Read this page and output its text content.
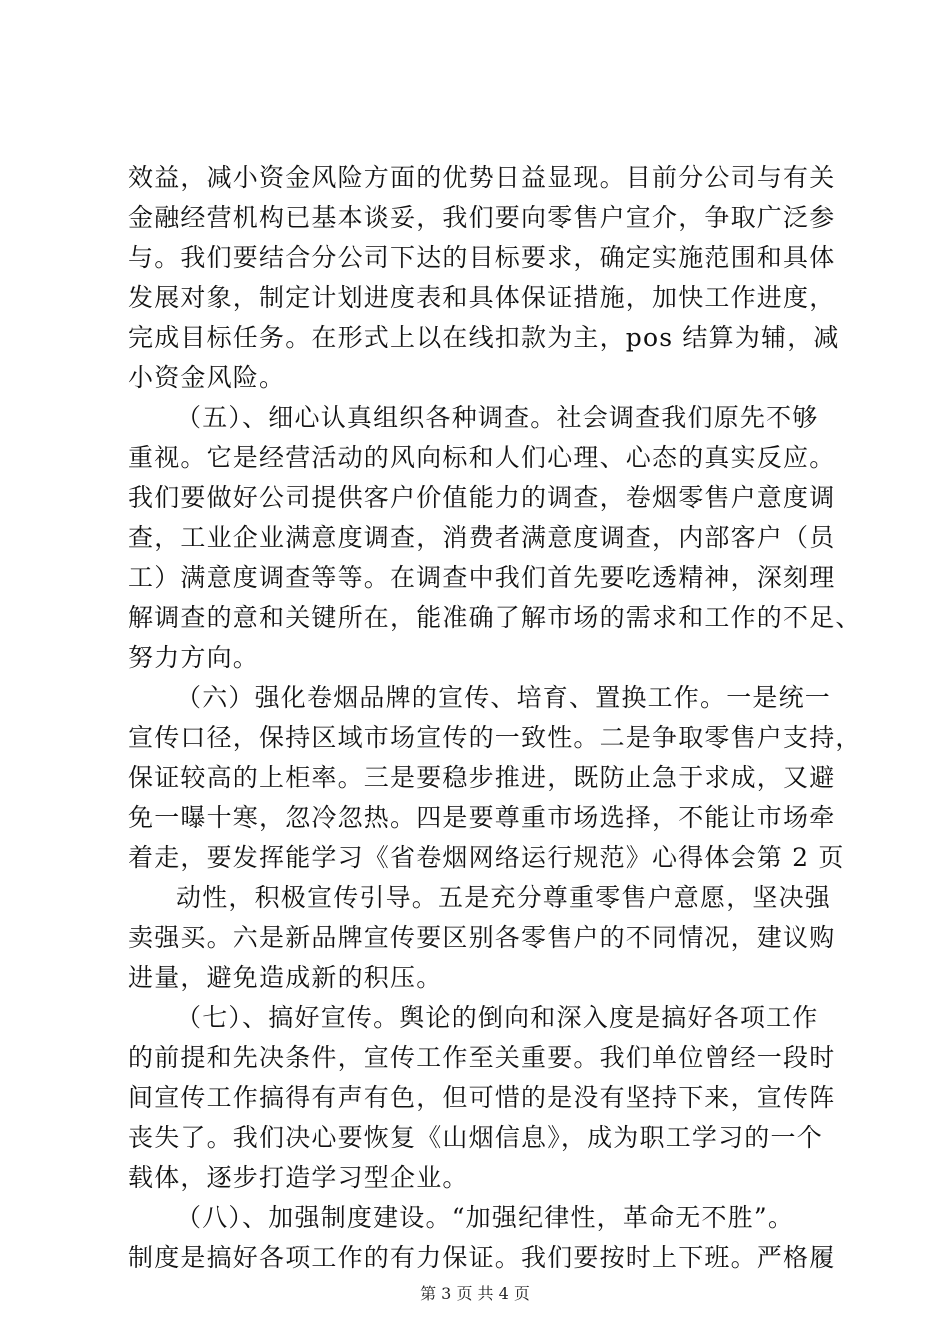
效益，减小资金风险方面的优势日益显现。目前分公司与有关
金融经营机构已基本谈妥，我们要向零售户宣介，争取广泛参
与。我们要结合分公司下达的目标要求，确定实施范围和具体
发展对象，制定计划进度表和具体保证措施，加快工作进度，
完成目标任务。在形式上以在线扣款为主，pos 结算为辅，减
小资金风险。
（五）、细心认真组织各种调查。社会调查我们原先不够
重视。它是经营活动的风向标和人们心理、心态的真实反应。
我们要做好公司提供客户价值能力的调查，卷烟零售户意度调
查，工业企业满意度调查，消费者满意度调查，内部客户（员
工）满意度调查等等。在调查中我们首先要吃透精神，深刻理
解调查的意和关键所在，能准确了解市场的需求和工作的不足、
努力方向。
（六）强化卷烟品牌的宣传、培育、置换工作。一是统一
宣传口径，保持区域市场宣传的一致性。二是争取零售户支持，
保证较高的上柜率。三是要稳步推进，既防止急于求成，又避
免一曝十寒，忽冷忽热。四是要尊重市场选择，不能让市场牵
着走，要发挥能学习《省卷烟网络运行规范》心得体会第 2 页
动性，积极宣传引导。五是充分尊重零售户意愿，坚决强
卖强买。六是新品牌宣传要区别各零售户的不同情况，建议购
进量，避免造成新的积压。
（七）、搞好宣传。舆论的倒向和深入度是搞好各项工作
的前提和先决条件，宣传工作至关重要。我们单位曾经一段时
间宣传工作搞得有声有色，但可惜的是没有坚持下来，宣传阵
丧失了。我们决心要恢复《山烟信息》，成为职工学习的一个
载体，逐步打造学习型企业。
（八）、加强制度建设。“加强纪律性，革命无不胜”。
制度是搞好各项工作的有力保证。我们要按时上下班。严格履
第 3 页 共 4 页
